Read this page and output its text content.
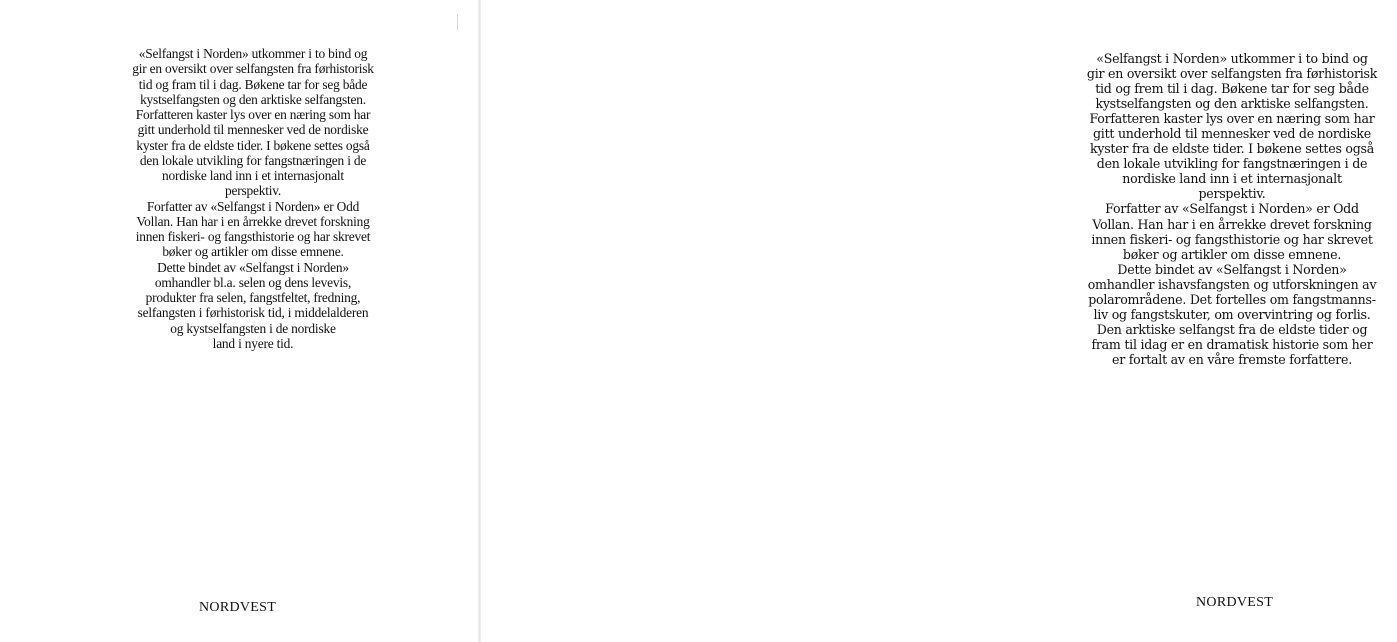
«Selfangst i Norden» utkommer i to bind og
gir en oversikt over selfangsten fra førhistorisk
tid og fram til i dag. Bøkene tar for seg både
kystselfangsten og den arktiske selfangsten.
Forfatteren kaster lys over en næring som har
gitt underhold til mennesker ved de nordiske
kyster fra de eldste tider. I bøkene settes også
den lokale utvikling for fangstnæringen i de
nordiske land inn i et internasjonalt
perspektiv.
Forfatter av «Selfangst i Norden» er Odd
Vollan. Han har i en årrekke drevet forskning
innen fiskeri- og fangsthistorie og har skrevet
bøker og artikler om disse emnene.
Dette bindet av «Selfangst i Norden»
omhandler bl.a. selen og dens levevis,
produkter fra selen, fangstfeltet, fredning,
selfangsten i førhistorisk tid, i middelalderen
og kystselfangsten i de nordiske
land i nyere tid.

NORDVEST

«Selfangst i Norden» utkommer i to bind og
gir en oversikt over selfangsten fra førhistorisk
tid og frem til i dag. Bøkene tar for seg både
kystselfangsten og den arktiske selfangsten.
Forfatteren kaster lys over en næring som har
gitt underhold til mennesker ved de nordiske
kyster fra de eldste tider. I bøkene settes også
den lokale utvikling for fangstnæringen i de
nordiske land inn i et internasjonalt
perspektiv.
Forfatter av «Selfangst i Norden» er Odd
Vollan. Han har i en årrekke drevet forskning
innen fiskeri- og fangsthistorie og har skrevet
bøker og artikler om disse emnene.
Dette bindet av «Selfangst i Norden»
omhandler ishavsfangsten og utforskningen av
polarområdene. Det fortelles om fangstmanns-
liv og fangstskuter, om overvintring og forlis.
Den arktiske selfangst fra de eldste tider og
fram til idag er en dramatisk historie som her
er fortalt av en våre fremste forfattere.

NORDVEST
